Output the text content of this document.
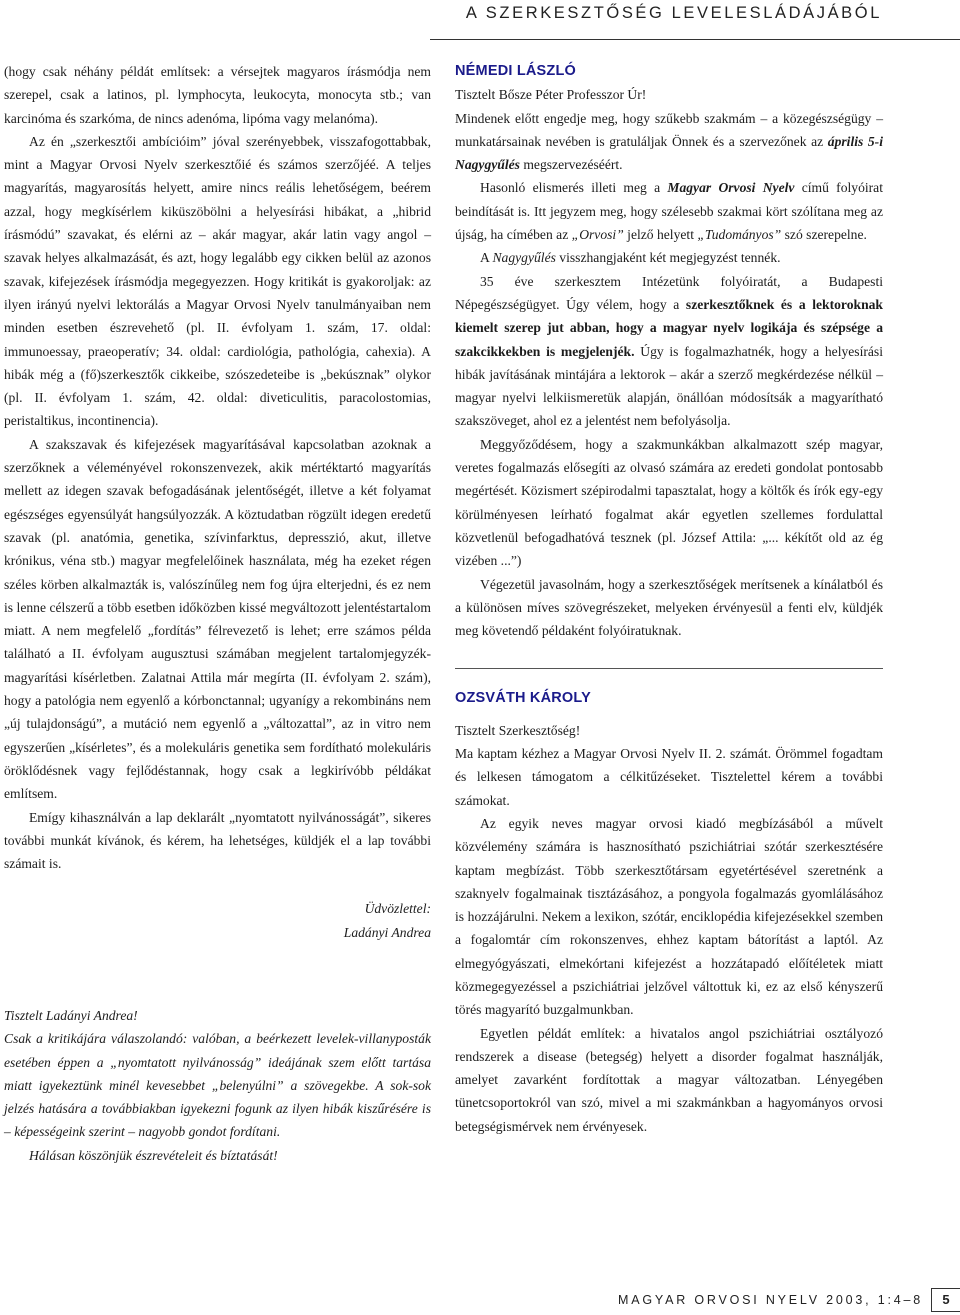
A SZERKESZTŐSÉG LEVELESLÁDÁJÁBÓL

(hogy csak néhány példát említsek: a vérsejtek magyaros írásmódja nem szerepel, csak a latinos, pl. lymphocyta, leukocyta, monocyta stb.; van karcinóma és szarkóma, de nincs adenóma, lipóma vagy melanóma).

Az én „szerkesztői ambícióim” jóval szerényebbek, visszafogottabbak, mint a Magyar Orvosi Nyelv szerkesztőié és számos szerzőjéé. A teljes magyarítás, magyarosítás helyett, amire nincs reális lehetőségem, beérem azzal, hogy megkísérlem kiküszöbölni a helyesírási hibákat, a „hibrid írásmódú” szavakat, és elérni az – akár magyar, akár latin vagy angol – szavak helyes alkalmazását, és azt, hogy legalább egy cikken belül az azonos szavak, kifejezések írásmódja megegyezzen. Hogy kritikát is gyakoroljak: az ilyen irányú nyelvi lektorálás a Magyar Orvosi Nyelv tanulmányaiban nem minden esetben észrevehető (pl. II. évfolyam 1. szám, 17. oldal: immunoessay, praeoperatív; 34. oldal: cardiológia, pathológia, cahexia). A hibák még a (fő)szerkesztők cikkeibe, szószedeteibe is „bekúsznak” olykor (pl. II. évfolyam 1. szám, 42. oldal: diveticulitis, paracolostomias, peristaltikus, incontinencia).

A szakszavak és kifejezések magyarításával kapcsolatban azoknak a szerzőknek a véleményével rokonszenvezek, akik mértéktartó magyarítás mellett az idegen szavak befogadásának jelentőségét, illetve a két folyamat egészséges egyensúlyát hangsúlyozzák. A köztudatban rögzült idegen eredetű szavak (pl. anatómia, genetika, szívinfarktus, depresszió, akut, illetve krónikus, véna stb.) magyar megfelelőinek használata, még ha ezeket régen széles körben alkalmazták is, valószínűleg nem fog újra elterjedni, és ez nem is lenne célszerű a több esetben időközben kissé megváltozott jelentéstartalom miatt. A nem megfelelő „fordítás” félrevezető is lehet; erre számos példa található a II. évfolyam augusztusi számában megjelent tartalomjegyzék-magyarítási kísérletben. Zalatnai Attila már megírta (II. évfolyam 2. szám), hogy a patológia nem egyenlő a kórbonctannal; ugyanígy a rekombináns nem „új tulajdonságú”, a mutáció nem egyenlő a „változattal”, az in vitro nem egyszerűen „kísérletes”, és a molekuláris genetika sem fordítható molekuláris öröklődésnek vagy fejlődéstannak, hogy csak a legkirívóbb példákat említsem.

Emígy kihasználván a lap deklarált „nyomtatott nyilvánosságát”, sikeres további munkát kívánok, és kérem, ha lehetséges, küldjék el a lap további számait is.

Üdvözlettel:

Ladányi Andrea

Tisztelt Ladányi Andrea!

Csak a kritikájára válaszolandó: valóban, a beérkezett levelek-villanyposták esetében éppen a „nyomtatott nyilvánosság” ideájának szem előtt tartása miatt igyekeztünk minél kevesebbet „belenyúlni” a szövegekbe. A sok-sok jelzés hatására a továbbiakban igyekezni fogunk az ilyen hibák kiszűrésére is – képességeink szerint – nagyobb gondot fordítani.

Hálásan köszönjük észrevételeit és bíztatását!

NÉMEDI LÁSZLÓ

Tisztelt Bősze Péter Professzor Úr!

Mindenek előtt engedje meg, hogy szűkebb szakmám – a közegészségügy – munkatársainak nevében is gratuláljak Önnek és a szervezőnek az április 5-i Nagygyűlés megszervezéséért.

Hasonló elismerés illeti meg a Magyar Orvosi Nyelv című folyóirat beindítását is. Itt jegyzem meg, hogy szélesebb szakmai kört szólítana meg az újság, ha címében az „Orvosi” jelző helyett „Tudományos” szó szerepelne.

A Nagygyűlés visszhangjaként két megjegyzést tennék.

35 éve szerkesztem Intézetünk folyóiratát, a Budapesti Népegészségügyet. Úgy vélem, hogy a szerkesztőknek és a lektoroknak kiemelt szerep jut abban, hogy a magyar nyelv logikája és szépsége a szakcikkekben is megjelenjék. Úgy is fogalmazhatnék, hogy a helyesírási hibák javításának mintájára a lektorok – akár a szerző megkérdezése nélkül – magyar nyelvi lelkiismeretük alapján, önállóan módosítsák a magyarítható szakszöveget, ahol ez a jelentést nem befolyásolja.

Meggyőződésem, hogy a szakmunkákban alkalmazott szép magyar, veretes fogalmazás elősegíti az olvasó számára az eredeti gondolat pontosabb megértését. Közismert szépirodalmi tapasztalat, hogy a költők és írók egy-egy körülményesen leírható fogalmat akár egyetlen szellemes fordulattal közvetlenül befogadhatóvá tesznek (pl. József Attila: „... kékítőt old az ég vizében ...”)

Végezetül javasolnám, hogy a szerkesztőségek merítsenek a kínálatból és a különösen míves szövegrészeket, melyeken érvényesül a fenti elv, küldjék meg követendő példaként folyóiratuknak.

OZSVÁTH KÁROLY

Tisztelt Szerkesztőség!

Ma kaptam kézhez a Magyar Orvosi Nyelv II. 2. számát. Örömmel fogadtam és lelkesen támogatom a célkitűzéseket. Tisztelettel kérem a további számokat.

Az egyik neves magyar orvosi kiadó megbízásából a művelt közvélemény számára is hasznosítható pszichiátriai szótár szerkesztésére kaptam megbízást. Több szerkesztőtársam egyetértésével szeretnénk a szaknyelv fogalmainak tisztázásához, a pongyola fogalmazás gyomlálásához is hozzájárulni. Nekem a lexikon, szótár, enciklopédia kifejezésekkel szemben a fogalomtár cím rokonszenves, ehhez kaptam bátorítást a laptól. Az elmegyógyászati, elmekórtani kifejezést a hozzátapadó előítéletek miatt közmegegyezéssel a pszichiátriai jelzővel váltottuk ki, ez az első kényszerű törés magyarító buzgalmunkban.

Egyetlen példát említek: a hivatalos angol pszichiátriai osztályozó rendszerek a disease (betegség) helyett a disorder fogalmat használják, amelyet zavarként fordítottak a magyar változatban. Lényegében tünetcsoportokról van szó, mivel a mi szakmánkban a hagyományos orvosi betegségismérvek nem érvényesek.

MAGYAR ORVOSI NYELV 2003, 1:4–8	5
